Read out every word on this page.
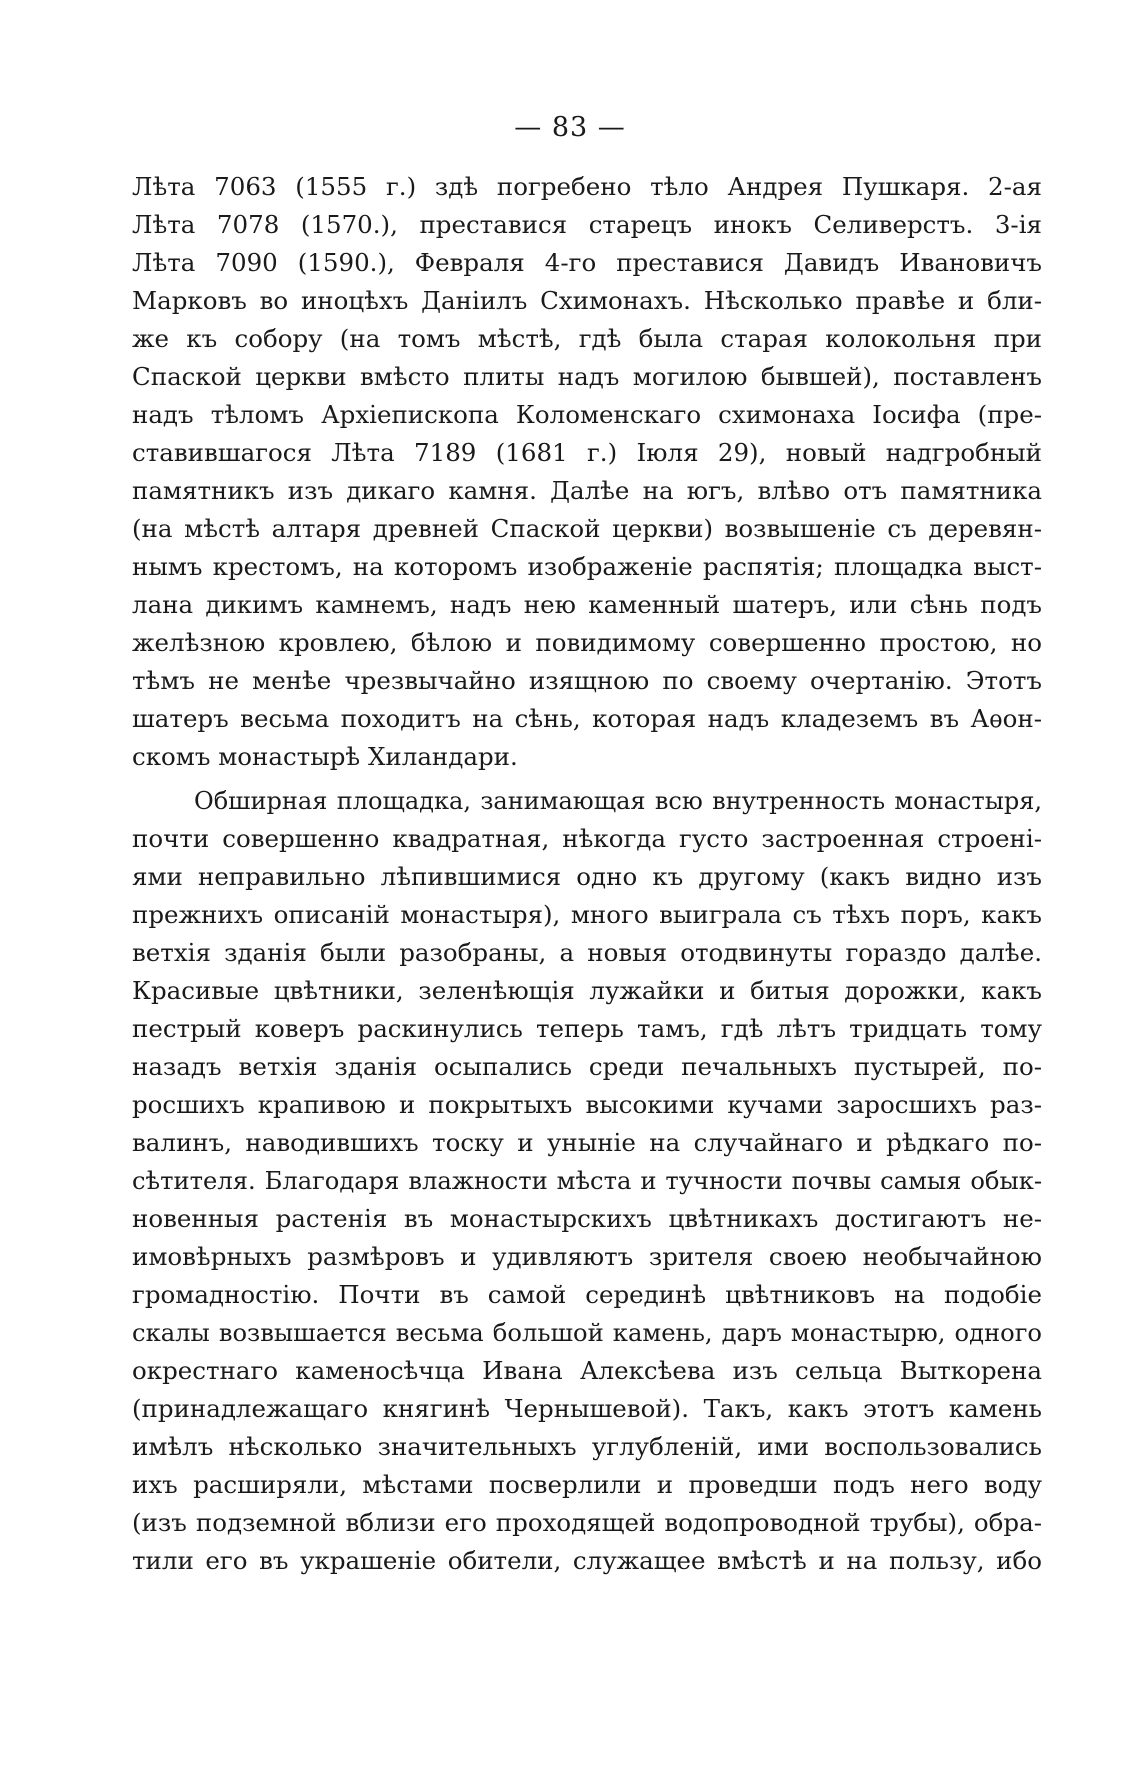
— 83 —
Лѣта 7063 (1555 г.) здѣ погребено тѣло Андрея Пушкаря. 2-ая
Лѣта 7078 (1570.), преставися старецъ инокъ Селиверстъ. 3-iя
Лѣта 7090 (1590.), Февраля 4-го преставися Давидъ Ивановичъ
Марковъ во иноцѣхъ Даніилъ Схимонахъ. Нѣсколько правѣе и бли-
же къ собору (на томъ мѣстѣ, гдѣ была старая колокольня при
Спаской церкви вмѣсто плиты надъ могилою бывшей), поставленъ
надъ тѣломъ Архіепископа Коломенскаго схимонаха Іосифа (пре-
ставившагося Лѣта 7189 (1681 г.) Іюля 29), новый надгробный
памятникъ изъ дикаго камня. Далѣе на югъ, влѣво отъ памятника
(на мѣстѣ алтаря древней Спаской церкви) возвышеніе съ деревян-
нымъ крестомъ, на которомъ изображеніе распятія; площадка выст-
лана дикимъ камнемъ, надъ нею каменный шатеръ, или сѣнь подъ
желѣзною кровлею, бѣлою и повидимому совершенно простою, но
тѣмъ не менѣе чрезвычайно изящною по своему очертанію. Этотъ
шатеръ весьма походитъ на сѣнь, которая надъ кладеземъ въ Аѳон-
скомъ монастырѣ Хиландари.
Обширная площадка, занимающая всю внутренность монастыря,
почти совершенно квадратная, нѣкогда густо застроенная строені-
ями неправильно лѣпившимися одно къ другому (какъ видно изъ
прежнихъ описаній монастыря), много выиграла съ тѣхъ поръ, какъ
ветхія зданія были разобраны, а новыя отодвинуты гораздо далѣе.
Красивые цвѣтники, зеленѣющія лужайки и битыя дорожки, какъ
пестрый коверъ раскинулись теперь тамъ, гдѣ лѣтъ тридцать тому
назадъ ветхія зданія осыпались среди печальныхъ пустырей, по-
росшихъ крапивою и покрытыхъ высокими кучами заросшихъ раз-
валинъ, наводившихъ тоску и уныніе на случайнаго и рѣдкаго по-
сѣтителя. Благодаря влажности мѣста и тучности почвы самыя обык-
новенныя растенія въ монастырскихъ цвѣтникахъ достигаютъ не-
имовѣрныхъ размѣровъ и удивляютъ зрителя своею необычайною
громадностію. Почти въ самой серединѣ цвѣтниковъ на подобіе
скалы возвышается весьма большой камень, даръ монастырю, одного
окрестнаго каменосѣчца Ивана Алексѣева изъ сельца Выткорена
(принадлежащаго княгинѣ Чернышевой). Такъ, какъ этотъ камень
имѣлъ нѣсколько значительныхъ углубленій, ими воспользовались
ихъ расширяли, мѣстами посверлили и проведши подъ него воду
(изъ подземной вблизи его проходящей водопроводной трубы), обра-
тили его въ украшеніе обители, служащее вмѣстѣ и на пользу, ибо
